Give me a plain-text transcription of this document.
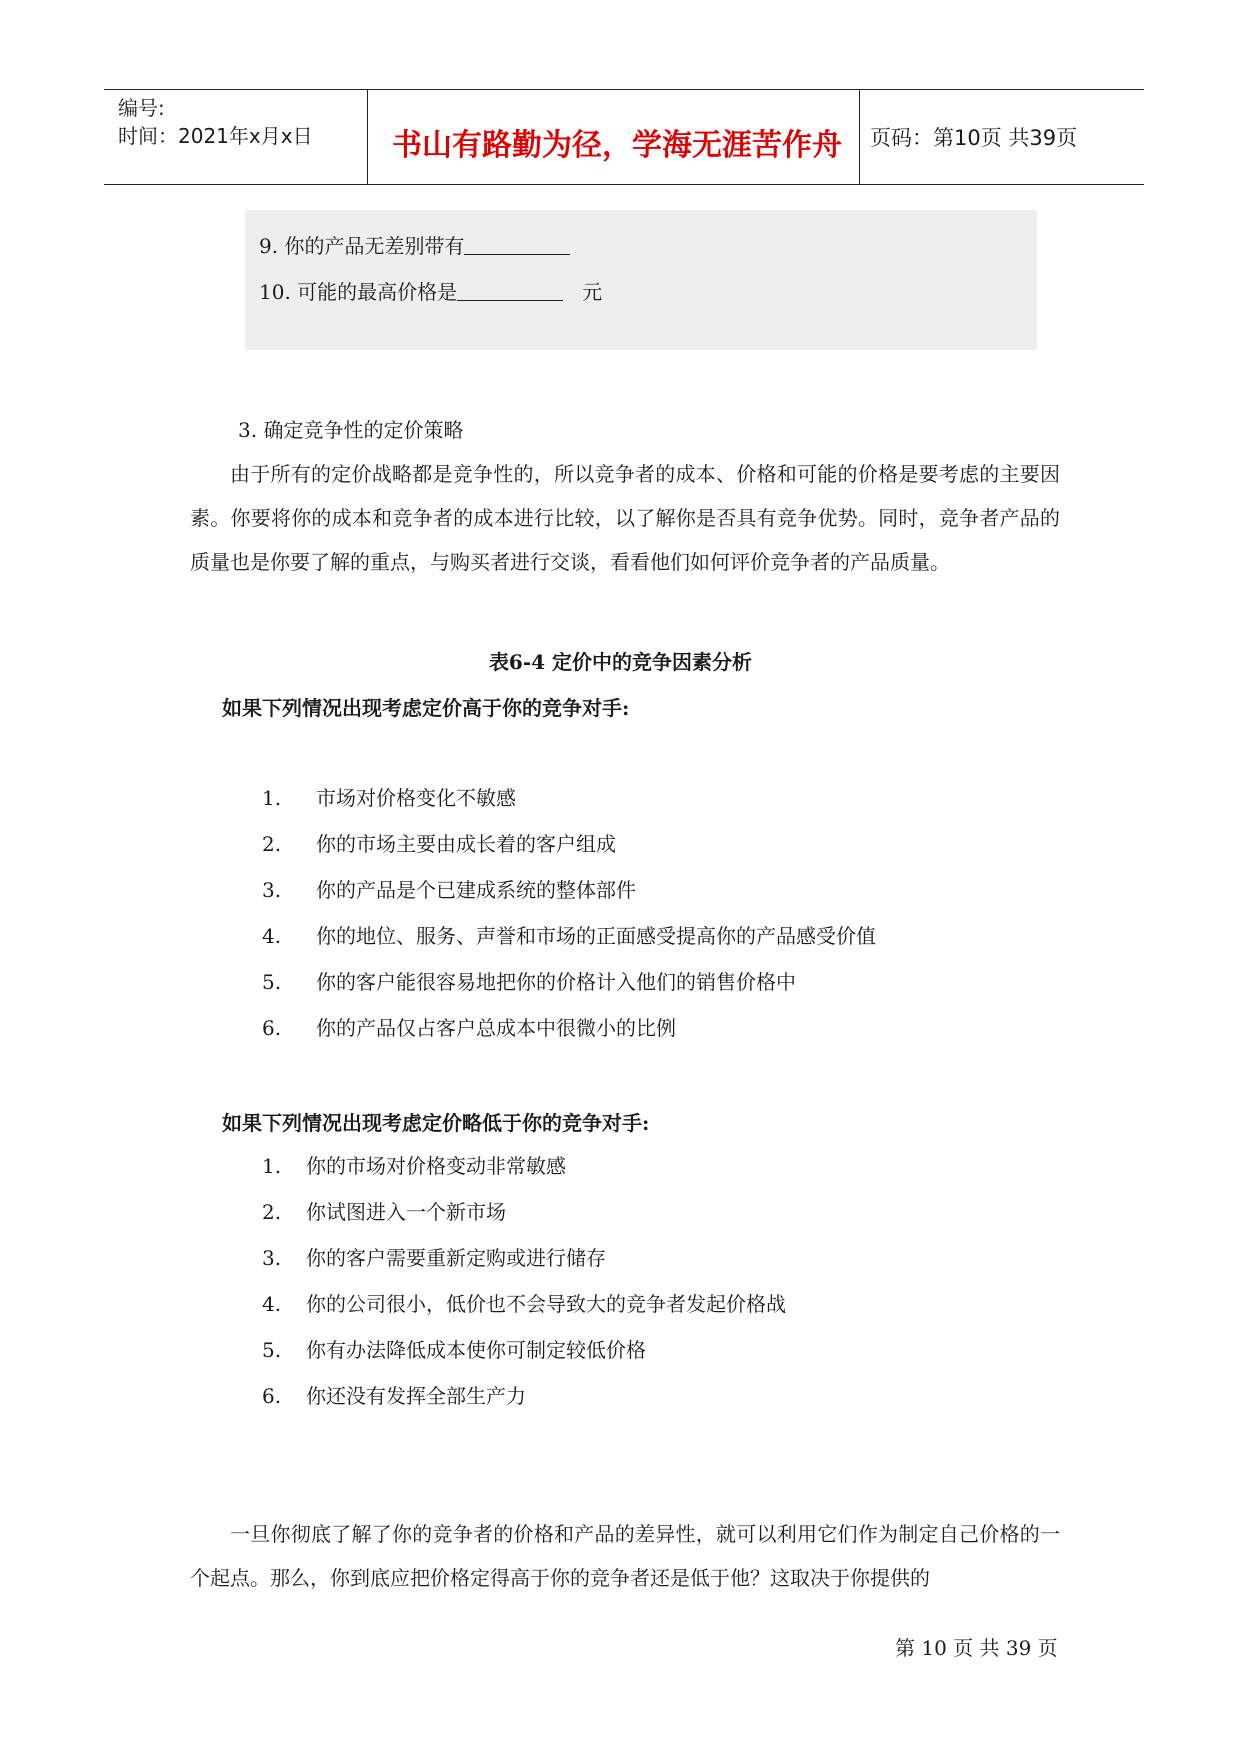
编号:
时间：2021年x月x日	书山有路勤为径，学海无涯苦作舟	页码：第10页 共39页
9. 你的产品无差别带有
10. 可能的最高价格是	元
3. 确定竞争性的定价策略
由于所有的定价战略都是竞争性的，所以竞争者的成本、价格和可能的价格是要考虑的主要因素。你要将你的成本和竞争者的成本进行比较，以了解你是否具有竞争优势。同时，竞争者产品的质量也是你要了解的重点，与购买者进行交谈，看看他们如何评价竞争者的产品质量。
表6-4 定价中的竞争因素分析
如果下列情况出现考虑定价高于你的竞争对手:
1. 市场对价格变化不敏感
2. 你的市场主要由成长着的客户组成
3. 你的产品是个已建成系统的整体部件
4. 你的地位、服务、声誉和市场的正面感受提高你的产品感受价值
5. 你的客户能很容易地把你的价格计入他们的销售价格中
6. 你的产品仅占客户总成本中很微小的比例
如果下列情况出现考虑定价略低于你的竞争对手:
1. 你的市场对价格变动非常敏感
2. 你试图进入一个新市场
3. 你的客户需要重新定购或进行储存
4. 你的公司很小，低价也不会导致大的竞争者发起价格战
5. 你有办法降低成本使你可制定较低价格
6. 你还没有发挥全部生产力
一旦你彻底了解了你的竞争者的价格和产品的差异性，就可以利用它们作为制定自己价格的一个起点。那么，你到底应把价格定得高于你的竞争者还是低于他？这取决于你提供的
第 10 页 共 39 页
